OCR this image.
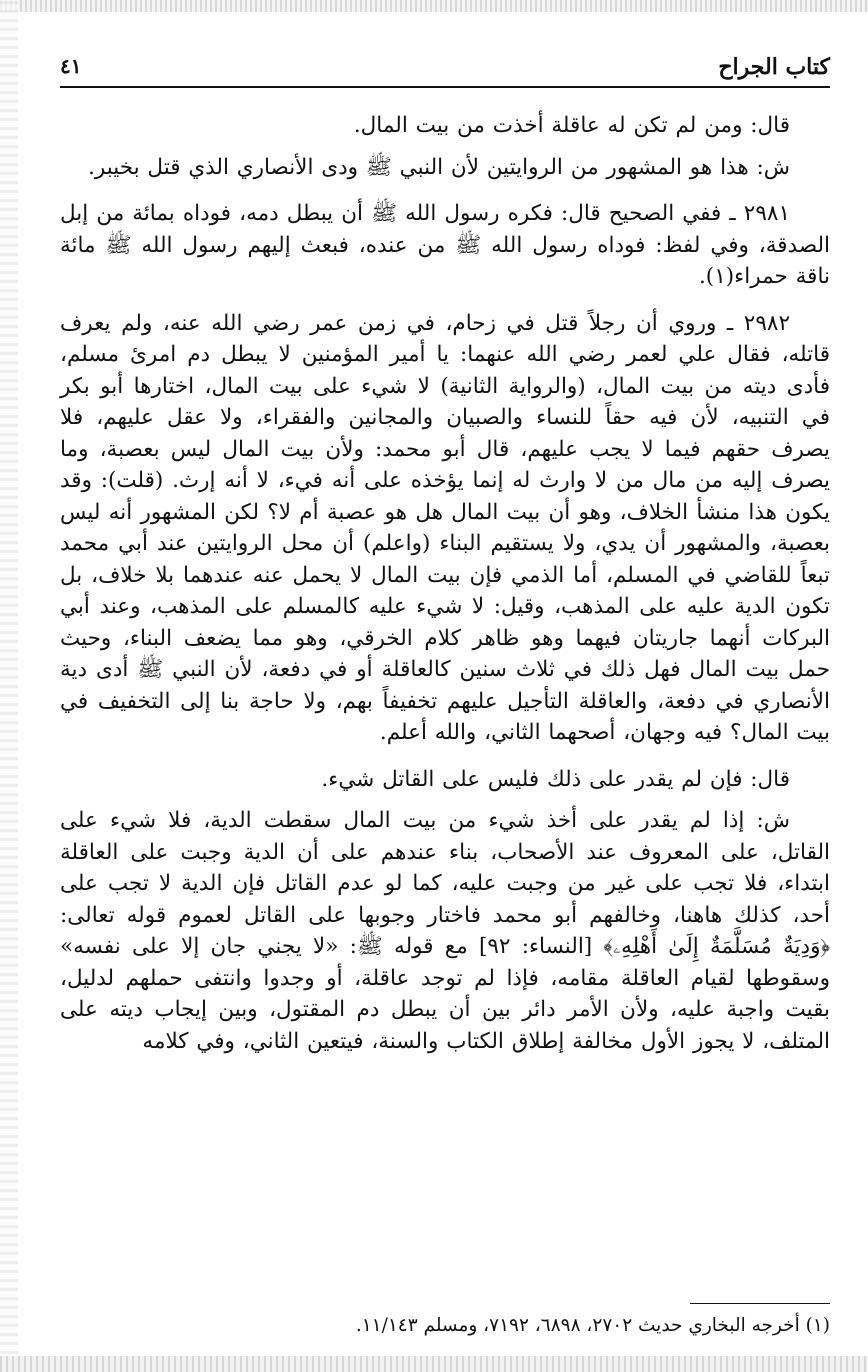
كتاب الجراح
٤١

قال: ومن لم تكن له عاقلة أخذت من بيت المال.

ش: هذا هو المشهور من الروايتين لأن النبي ﷺ ودى الأنصاري الذي قتل بخيبر.

٢٩٨١ ـ ففي الصحيح قال: فكره رسول الله ﷺ أن يبطل دمه، فوداه بمائة من إبل الصدقة، وفي لفظ: فوداه رسول الله ﷺ من عنده، فبعث إليهم رسول الله ﷺ مائة ناقة حمراء(١).

٢٩٨٢ ـ وروي أن رجلاً قتل في زحام، في زمن عمر رضي الله عنه، ولم يعرف قاتله، فقال علي لعمر رضي الله عنهما: يا أمير المؤمنين لا يبطل دم امرئ مسلم، فأدى ديته من بيت المال، (والرواية الثانية) لا شيء على بيت المال، اختارها أبو بكر في التنبيه، لأن فيه حقاً للنساء والصبيان والمجانين والفقراء، ولا عقل عليهم، فلا يصرف حقهم فيما لا يجب عليهم، قال أبو محمد: ولأن بيت المال ليس بعصبة، وما يصرف إليه من مال من لا وارث له إنما يؤخذه على أنه فيء، لا أنه إرث. (قلت): وقد يكون هذا منشأ الخلاف، وهو أن بيت المال هل هو عصبة أم لا؟ لكن المشهور أنه ليس بعصبة، والمشهور أن يدي، ولا يستقيم البناء (واعلم) أن محل الروايتين عند أبي محمد تبعاً للقاضي في المسلم، أما الذمي فإن بيت المال لا يحمل عنه عندهما بلا خلاف، بل تكون الدية عليه على المذهب، وقيل: لا شيء عليه كالمسلم على المذهب، وعند أبي البركات أنهما جاريتان فيهما وهو ظاهر كلام الخرقي، وهو مما يضعف البناء، وحيث حمل بيت المال فهل ذلك في ثلاث سنين كالعاقلة أو في دفعة، لأن النبي ﷺ أدى دية الأنصاري في دفعة، والعاقلة التأجيل عليهم تخفيفاً بهم، ولا حاجة بنا إلى التخفيف في بيت المال؟ فيه وجهان، أصحهما الثاني، والله أعلم.

قال: فإن لم يقدر على ذلك فليس على القاتل شيء.

ش: إذا لم يقدر على أخذ شيء من بيت المال سقطت الدية، فلا شيء على القاتل، على المعروف عند الأصحاب، بناء عندهم على أن الدية وجبت على العاقلة ابتداء، فلا تجب على غير من وجبت عليه، كما لو عدم القاتل فإن الدية لا تجب على أحد، كذلك هاهنا، وخالفهم أبو محمد فاختار وجوبها على القاتل لعموم قوله تعالى: ﴿وَدِيَةٌ مُسَلَّمَةٌ إِلَىٰ أَهْلِهِۦ﴾ [النساء: ٩٢] مع قوله ﷺ: «لا يجني جان إلا على نفسه» وسقوطها لقيام العاقلة مقامه، فإذا لم توجد عاقلة، أو وجدوا وانتفى حملهم لدليل، بقيت واجبة عليه، ولأن الأمر دائر بين أن يبطل دم المقتول، وبين إيجاب ديته على المتلف، لا يجوز الأول مخالفة إطلاق الكتاب والسنة، فيتعين الثاني، وفي كلامه

(١) أخرجه البخاري حديث ٢٧٠٢، ٦٨٩٨، ٧١٩٢، ومسلم ١١/١٤٣.
